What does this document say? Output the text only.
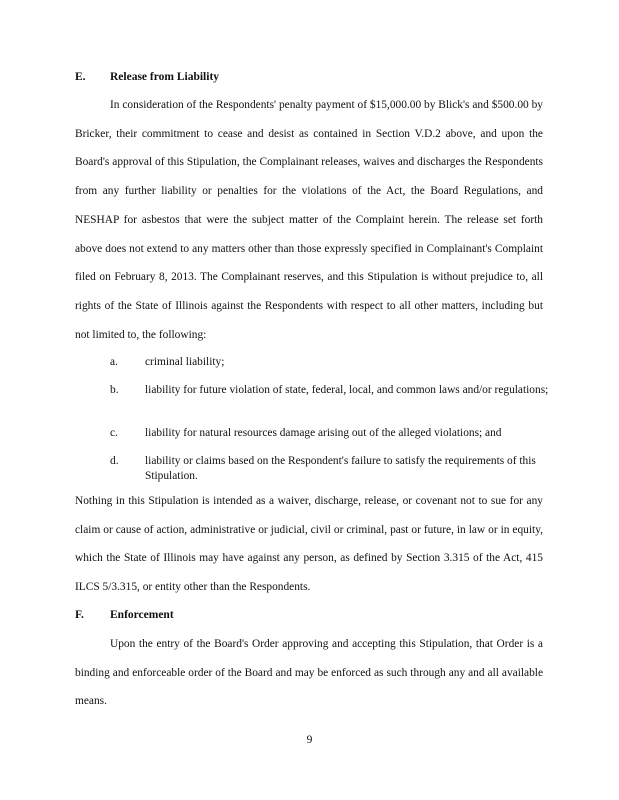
E. Release from Liability

In consideration of the Respondents' penalty payment of $15,000.00 by Blick's and $500.00 by Bricker, their commitment to cease and desist as contained in Section V.D.2 above, and upon the Board's approval of this Stipulation, the Complainant releases, waives and discharges the Respondents from any further liability or penalties for the violations of the Act, the Board Regulations, and NESHAP for asbestos that were the subject matter of the Complaint herein. The release set forth above does not extend to any matters other than those expressly specified in Complainant's Complaint filed on February 8, 2013. The Complainant reserves, and this Stipulation is without prejudice to, all rights of the State of Illinois against the Respondents with respect to all other matters, including but not limited to, the following:

a.	criminal liability;
b.	liability for future violation of state, federal, local, and common laws and/or regulations;
c.	liability for natural resources damage arising out of the alleged violations; and
d.	liability or claims based on the Respondent's failure to satisfy the requirements of this Stipulation.

Nothing in this Stipulation is intended as a waiver, discharge, release, or covenant not to sue for any claim or cause of action, administrative or judicial, civil or criminal, past or future, in law or in equity, which the State of Illinois may have against any person, as defined by Section 3.315 of the Act, 415 ILCS 5/3.315, or entity other than the Respondents.

F. Enforcement

Upon the entry of the Board's Order approving and accepting this Stipulation, that Order is a binding and enforceable order of the Board and may be enforced as such through any and all available means.

9
